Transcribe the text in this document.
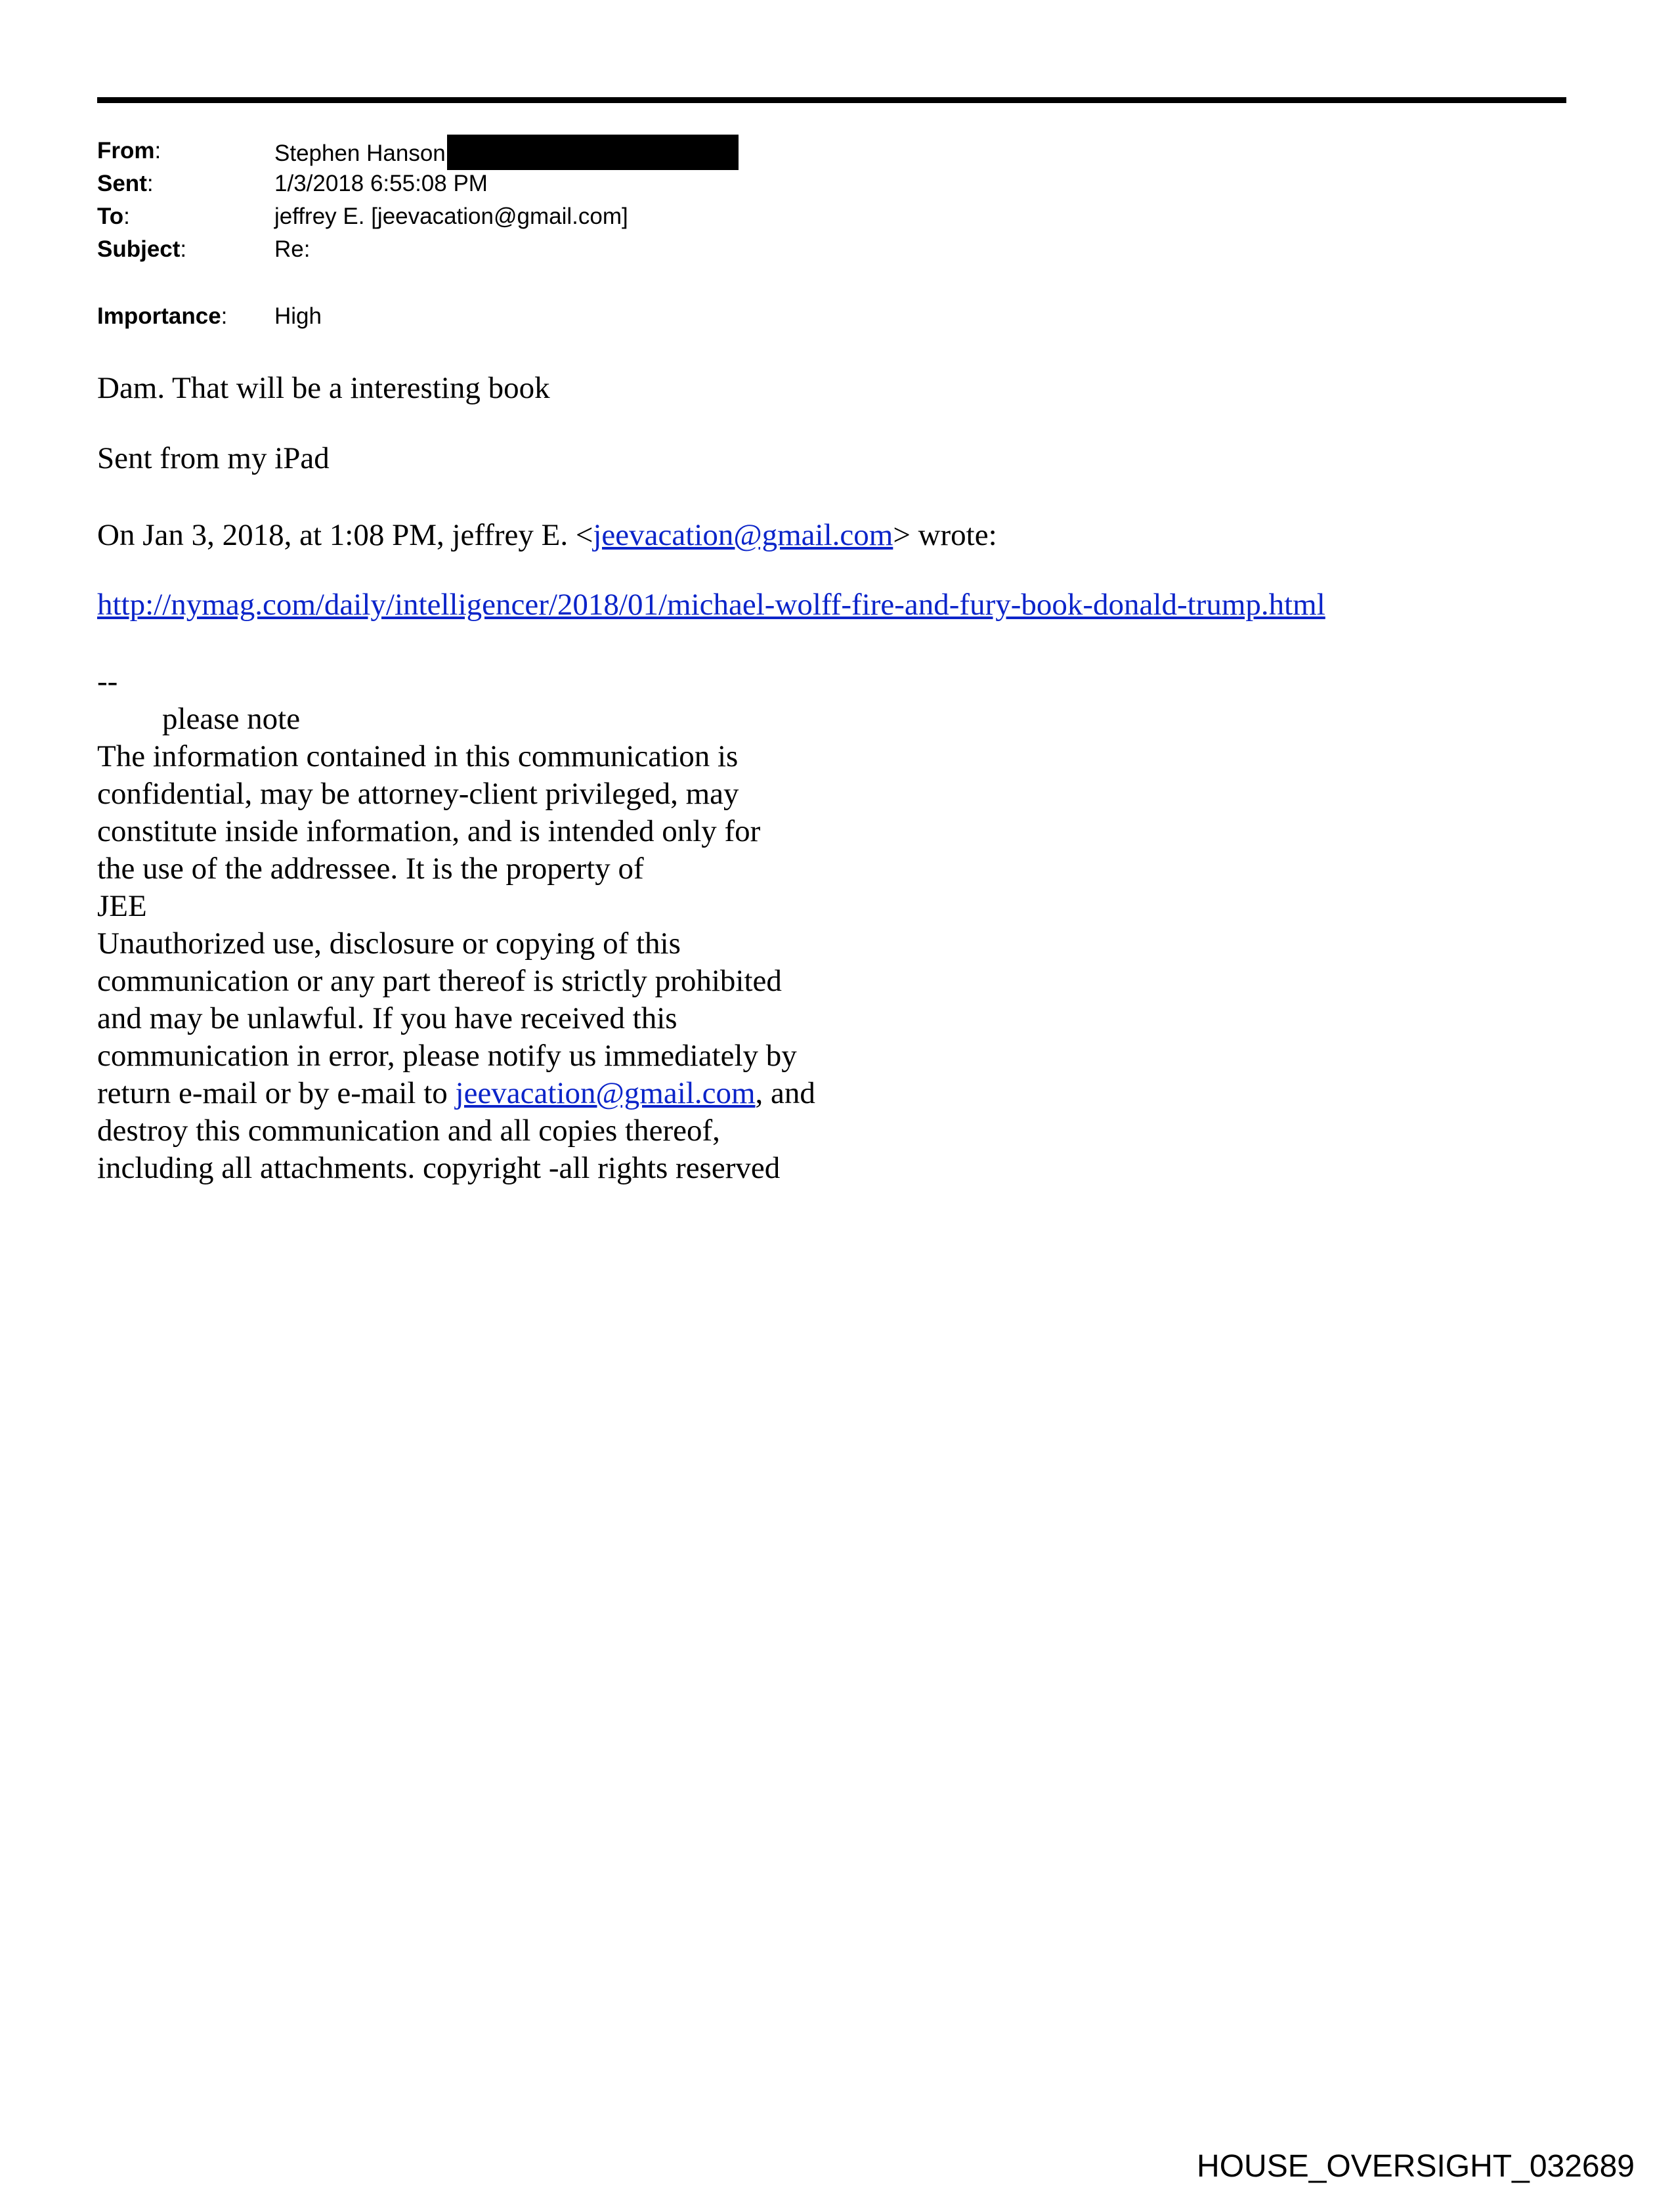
From:	Stephen Hanson
Sent:	1/3/2018 6:55:08 PM
To:	jeffrey E. [jeevacation@gmail.com]
Subject:	Re:
Importance: High
Dam. That will be a interesting book
Sent from my iPad
On Jan 3, 2018, at 1:08 PM, jeffrey E. <jeevacation@gmail.com> wrote:
http://nymag.com/daily/intelligencer/2018/01/michael-wolff-fire-and-fury-book-donald-trump.html
--
please note
The information contained in this communication is
confidential, may be attorney-client privileged, may
constitute inside information, and is intended only for
the use of the addressee. It is the property of
JEE
Unauthorized use, disclosure or copying of this
communication or any part thereof is strictly prohibited
and may be unlawful. If you have received this
communication in error, please notify us immediately by
return e-mail or by e-mail to jeevacation@gmail.com, and
destroy this communication and all copies thereof,
including all attachments. copyright -all rights reserved
HOUSE_OVERSIGHT_032689
